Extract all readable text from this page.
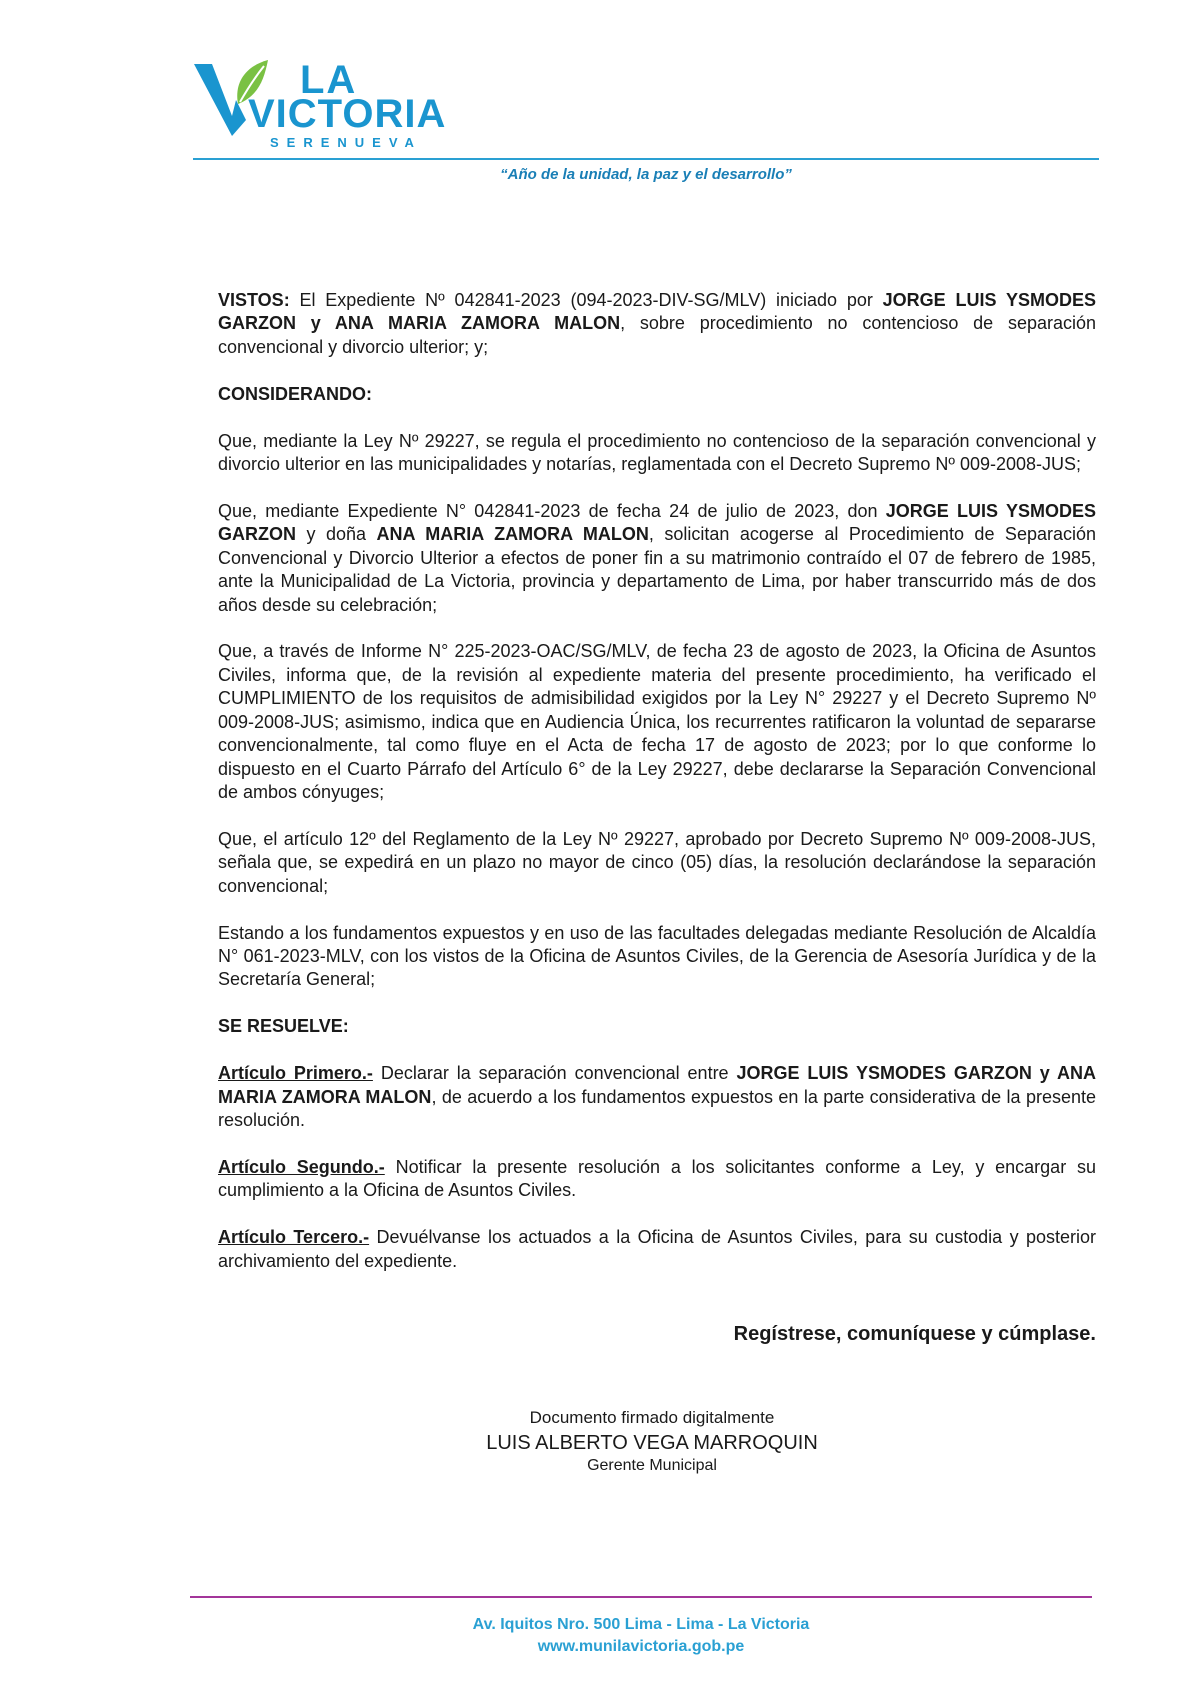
LA
VICTORIA
SERENUEVA
“Año de la unidad, la paz y el desarrollo”

VISTOS: El Expediente Nº 042841-2023 (094-2023-DIV-SG/MLV) iniciado por JORGE LUIS YSMODES GARZON y ANA MARIA ZAMORA MALON, sobre procedimiento no contencioso de separación convencional y divorcio ulterior; y;

CONSIDERANDO:

Que, mediante la Ley Nº 29227, se regula el procedimiento no contencioso de la separación convencional y divorcio ulterior en las municipalidades y notarías, reglamentada con el Decreto Supremo Nº 009-2008-JUS;

Que, mediante Expediente N° 042841-2023 de fecha 24 de julio de 2023, don JORGE LUIS YSMODES GARZON y doña ANA MARIA ZAMORA MALON, solicitan acogerse al Procedimiento de Separación Convencional y Divorcio Ulterior a efectos de poner fin a su matrimonio contraído el 07 de febrero de 1985, ante la Municipalidad de La Victoria, provincia y departamento de Lima, por haber transcurrido más de dos años desde su celebración;

Que, a través de Informe N° 225-2023-OAC/SG/MLV, de fecha 23 de agosto de 2023, la Oficina de Asuntos Civiles, informa que, de la revisión al expediente materia del presente procedimiento, ha verificado el CUMPLIMIENTO de los requisitos de admisibilidad exigidos por la Ley N° 29227 y el Decreto Supremo Nº 009-2008-JUS; asimismo, indica que en Audiencia Única, los recurrentes ratificaron la voluntad de separarse convencionalmente, tal como fluye en el Acta de fecha 17 de agosto de 2023; por lo que conforme lo dispuesto en el Cuarto Párrafo del Artículo 6° de la Ley 29227, debe declararse la Separación Convencional de ambos cónyuges;

Que, el artículo 12º del Reglamento de la Ley Nº 29227, aprobado por Decreto Supremo Nº 009-2008-JUS, señala que, se expedirá en un plazo no mayor de cinco (05) días, la resolución declarándose la separación convencional;

Estando a los fundamentos expuestos y en uso de las facultades delegadas mediante Resolución de Alcaldía N° 061-2023-MLV, con los vistos de la Oficina de Asuntos Civiles, de la Gerencia de Asesoría Jurídica y de la Secretaría General;

SE RESUELVE:

Artículo Primero.- Declarar la separación convencional entre JORGE LUIS YSMODES GARZON y ANA MARIA ZAMORA MALON, de acuerdo a los fundamentos expuestos en la parte considerativa de la presente resolución.

Artículo Segundo.- Notificar la presente resolución a los solicitantes conforme a Ley, y encargar su cumplimiento a la Oficina de Asuntos Civiles.

Artículo Tercero.- Devuélvanse los actuados a la Oficina de Asuntos Civiles, para su custodia y posterior archivamiento del expediente.

Regístrese, comuníquese y cúmplase.
Documento firmado digitalmente
LUIS ALBERTO VEGA MARROQUIN
Gerente Municipal
Av. Iquitos Nro. 500 Lima - Lima - La Victoria
www.munilavictoria.gob.pe
